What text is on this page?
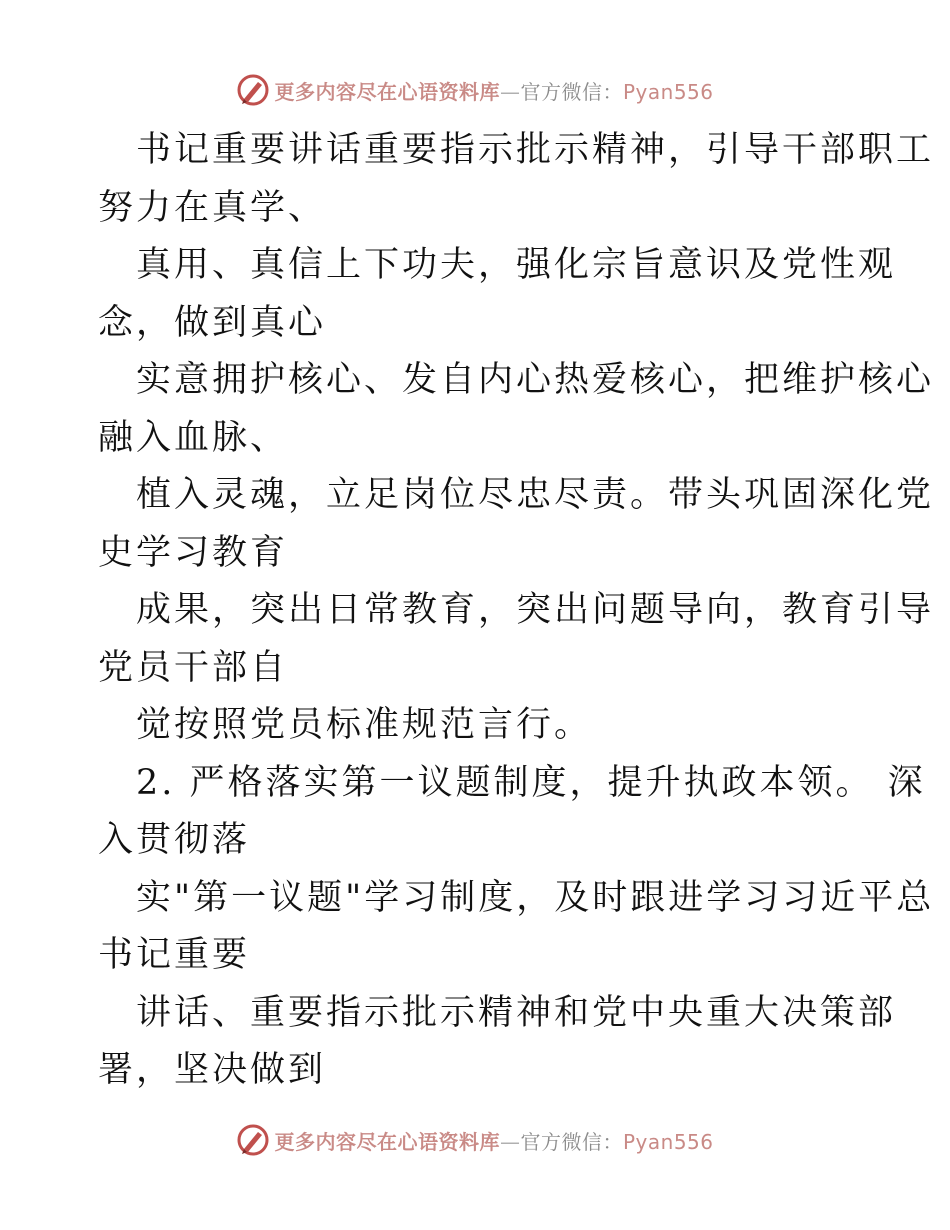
更多内容尽在心语资料库—官方微信：Pyan556
书记重要讲话重要指示批示精神，引导干部职工
努力在真学、
真用、真信上下功夫，强化宗旨意识及党性观
念，做到真心
实意拥护核心、发自内心热爱核心，把维护核心
融入血脉、
植入灵魂，立足岗位尽忠尽责。带头巩固深化党
史学习教育
成果，突出日常教育，突出问题导向，教育引导
党员干部自
觉按照党员标准规范言行。
2. 严格落实第一议题制度，提升执政本领。 深
入贯彻落
实"第一议题"学习制度，及时跟进学习习近平总
书记重要
讲话、重要指示批示精神和党中央重大决策部
署，坚决做到
更多内容尽在心语资料库—官方微信：Pyan556
